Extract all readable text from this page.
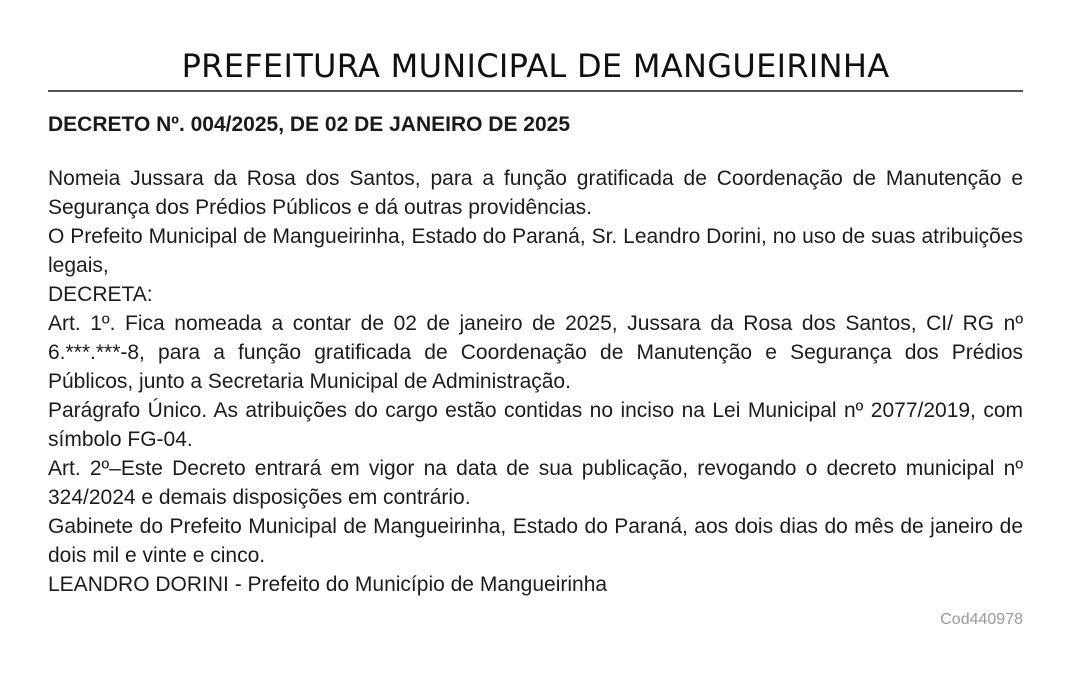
PREFEITURA MUNICIPAL DE MANGUEIRINHA
DECRETO Nº. 004/2025, DE 02 DE JANEIRO DE 2025

Nomeia Jussara da Rosa dos Santos, para a função gratificada de Coordenação de Manutenção e Segurança dos Prédios Públicos e dá outras providências.

O Prefeito Municipal de Mangueirinha, Estado do Paraná, Sr. Leandro Dorini, no uso de suas atribuições legais,

DECRETA:

Art. 1º. Fica nomeada a contar de 02 de janeiro de 2025, Jussara da Rosa dos Santos, CI/ RG nº 6.***.***-8, para a função gratificada de Coordenação de Manutenção e Segurança dos Prédios Públicos, junto a Secretaria Municipal de Administração.

Parágrafo Único. As atribuições do cargo estão contidas no inciso na Lei Municipal nº 2077/2019, com símbolo FG-04.

Art. 2º–Este Decreto entrará em vigor na data de sua publicação, revogando o decreto municipal nº 324/2024 e demais disposições em contrário.

Gabinete do Prefeito Municipal de Mangueirinha, Estado do Paraná, aos dois dias do mês de janeiro de dois mil e vinte e cinco.

LEANDRO DORINI - Prefeito do Município de Mangueirinha

Cod440978
